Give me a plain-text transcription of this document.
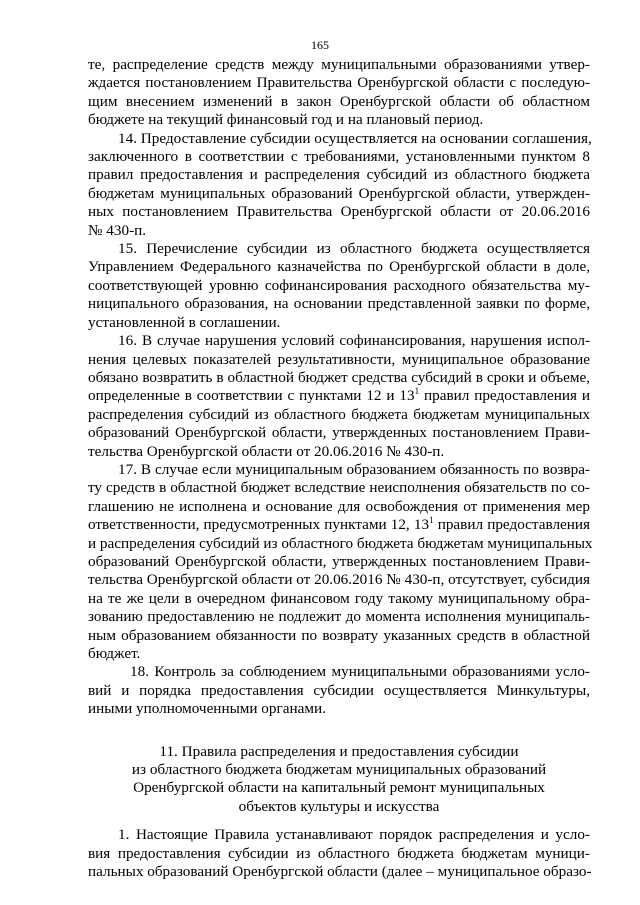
165
те, распределение средств между муниципальными образованиями утвер-
ждается постановлением Правительства Оренбургской области с последую-
щим внесением изменений в закон Оренбургской области об областном
бюджете на текущий финансовый год и на плановый период.
14. Предоставление субсидии осуществляется на основании соглашения,
заключенного в соответствии с требованиями, установленными пунктом 8
правил предоставления и распределения субсидий из областного бюджета
бюджетам муниципальных образований Оренбургской области, утвержден-
ных постановлением Правительства Оренбургской области от 20.06.2016
№ 430-п.
15. Перечисление субсидии из областного бюджета осуществляется
Управлением Федерального казначейства по Оренбургской области в доле,
соответствующей уровню софинансирования расходного обязательства му-
ниципального образования, на основании представленной заявки по форме,
установленной в соглашении.
16. В случае нарушения условий софинансирования, нарушения испол-
нения целевых показателей результативности, муниципальное образование
обязано возвратить в областной бюджет средства субсидий в сроки и объеме,
определенные в соответствии с пунктами 12 и $13^1$ правил предоставления и
распределения субсидий из областного бюджета бюджетам муниципальных
образований Оренбургской области, утвержденных постановлением Прави-
тельства Оренбургской области от 20.06.2016 № 430-п.
17. В случае если муниципальным образованием обязанность по возвра-
ту средств в областной бюджет вследствие неисполнения обязательств по со-
глашению не исполнена и основание для освобождения от применения мер
ответственности, предусмотренных пунктами 12, $13^1$ правил предоставления
и распределения субсидий из областного бюджета бюджетам муниципальных
образований Оренбургской области, утвержденных постановлением Прави-
тельства Оренбургской области от 20.06.2016 № 430-п, отсутствует, субсидия
на те же цели в очередном финансовом году такому муниципальному обра-
зованию предоставлению не подлежит до момента исполнения муниципаль-
ным образованием обязанности по возврату указанных средств в областной
бюджет.
18. Контроль за соблюдением муниципальными образованиями усло-
вий и порядка предоставления субсидии осуществляется Минкультуры,
иными уполномоченными органами.
11. Правила распределения и предоставления субсидии
из областного бюджета бюджетам муниципальных образований
Оренбургской области на капитальный ремонт муниципальных
объектов культуры и искусства
1. Настоящие Правила устанавливают порядок распределения и усло-
вия предоставления субсидии из областного бюджета бюджетам муници-
пальных образований Оренбургской области (далее – муниципальное образо-
